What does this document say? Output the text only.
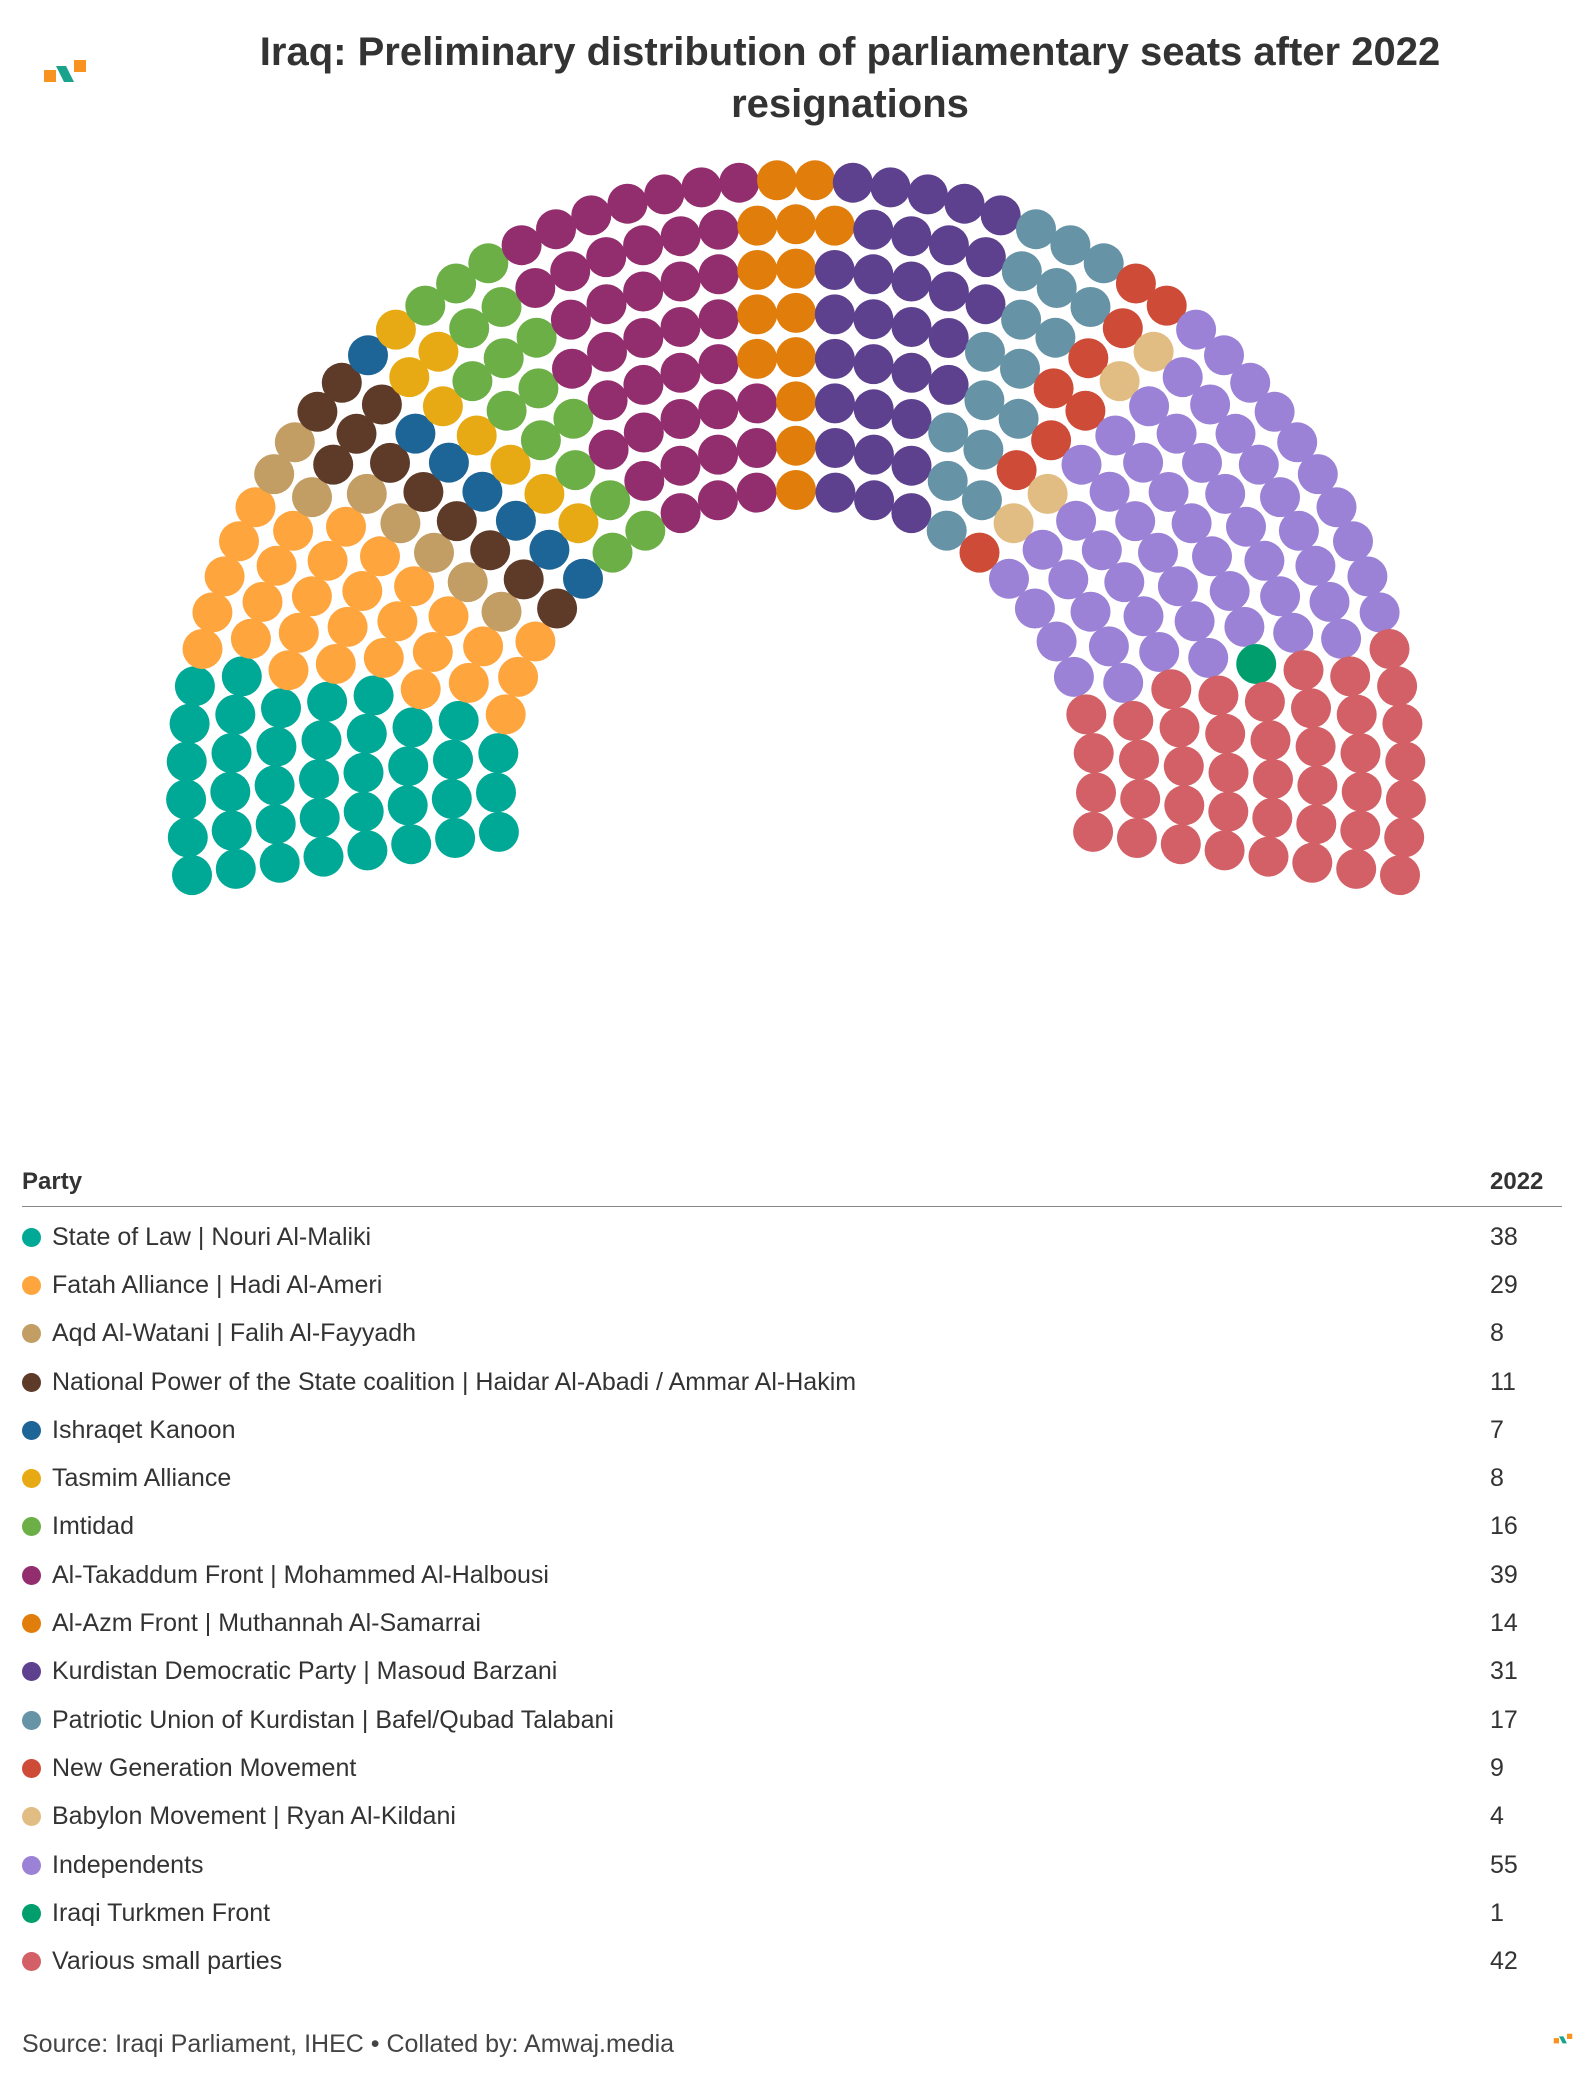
Iraq: Preliminary distribution of parliamentary seats after 2022 resignations
Party	2022
State of Law | Nouri Al-Maliki	38
Fatah Alliance | Hadi Al-Ameri	29
Aqd Al-Watani | Falih Al-Fayyadh	8
National Power of the State coalition | Haidar Al-Abadi / Ammar Al-Hakim	11
Ishraqet Kanoon	7
Tasmim Alliance	8
Imtidad	16
Al-Takaddum Front | Mohammed Al-Halbousi	39
Al-Azm Front | Muthannah Al-Samarrai	14
Kurdistan Democratic Party | Masoud Barzani	31
Patriotic Union of Kurdistan | Bafel/Qubad Talabani	17
New Generation Movement	9
Babylon Movement | Ryan Al-Kildani	4
Independents	55
Iraqi Turkmen Front	1
Various small parties	42
Source: Iraqi Parliament, IHEC • Collated by: Amwaj.media
